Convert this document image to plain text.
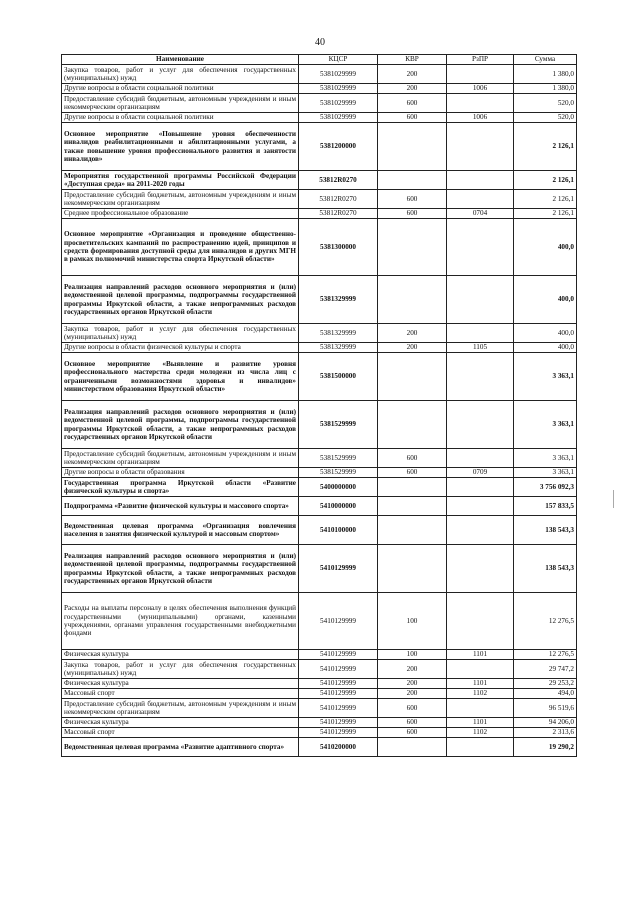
40
Наименование	КЦСР	КВР	РзПР	Сумма
Закупка товаров, работ и услуг для обеспечения государственных (муниципальных) нужд	5381029999	200		1 380,0
Другие вопросы в области социальной политики	5381029999	200	1006	1 380,0
Предоставление субсидий бюджетным, автономным учреждениям и иным некоммерческим организациям	5381029999	600		520,0
Другие вопросы в области социальной политики	5381029999	600	1006	520,0
Основное мероприятие «Повышение уровня обеспеченности инвалидов реабилитационными и абилитационными услугами, а также повышение уровня профессионального развития и занятости инвалидов»	5381200000			2 126,1
Мероприятия государственной программы Российской Федерации «Доступная среда» на 2011-2020 годы	53812R0270			2 126,1
Предоставление субсидий бюджетным, автономным учреждениям и иным некоммерческим организациям	53812R0270	600		2 126,1
Среднее профессиональное образование	53812R0270	600	0704	2 126,1
Основное мероприятие «Организация и проведение общественно-просветительских кампаний по распространению идей, принципов и средств формирования доступной среды для инвалидов и других МГН в рамках полномочий министерства спорта Иркутской области»	5381300000			400,0
Реализация направлений расходов основного мероприятия и (или) ведомственной целевой программы, подпрограммы государственной программы Иркутской области, а также непрограммных расходов государственных органов Иркутской области	5381329999			400,0
Закупка товаров, работ и услуг для обеспечения государственных (муниципальных) нужд	5381329999	200		400,0
Другие вопросы в области физической культуры и спорта	5381329999	200	1105	400,0
Основное мероприятие «Выявление и развитие уровня профессионального мастерства среди молодежи из числа лиц с ограниченными возможностями здоровья и инвалидов» министерством образования Иркутской области»	5381500000			3 363,1
Реализация направлений расходов основного мероприятия и (или) ведомственной целевой программы, подпрограммы государственной программы Иркутской области, а также непрограммных расходов государственных органов Иркутской области	5381529999			3 363,1
Предоставление субсидий бюджетным, автономным учреждениям и иным некоммерческим организациям	5381529999	600		3 363,1
Другие вопросы в области образования	5381529999	600	0709	3 363,1
Государственная программа Иркутской области «Развитие физической культуры и спорта»	5400000000			3 756 092,3
Подпрограмма «Развитие физической культуры и массового спорта»	5410000000			157 833,5
Ведомственная целевая программа «Организация вовлечения населения в занятия физической культурой и массовым спортом»	5410100000			138 543,3
Реализация направлений расходов основного мероприятия и (или) ведомственной целевой программы, подпрограммы государственной программы Иркутской области, а также непрограммных расходов государственных органов Иркутской области	5410129999			138 543,3
Расходы на выплаты персоналу в целях обеспечения выполнения функций государственными (муниципальными) органами, казенными учреждениями, органами управления государственными внебюджетными фондами	5410129999	100		12 276,5
Физическая культура	5410129999	100	1101	12 276,5
Закупка товаров, работ и услуг для обеспечения государственных (муниципальных) нужд	5410129999	200		29 747,2
Физическая культура	5410129999	200	1101	29 253,2
Массовый спорт	5410129999	200	1102	494,0
Предоставление субсидий бюджетным, автономным учреждениям и иным некоммерческим организациям	5410129999	600		96 519,6
Физическая культура	5410129999	600	1101	94 206,0
Массовый спорт	5410129999	600	1102	2 313,6
Ведомственная целевая программа «Развитие адаптивного спорта»	5410200000			19 290,2
